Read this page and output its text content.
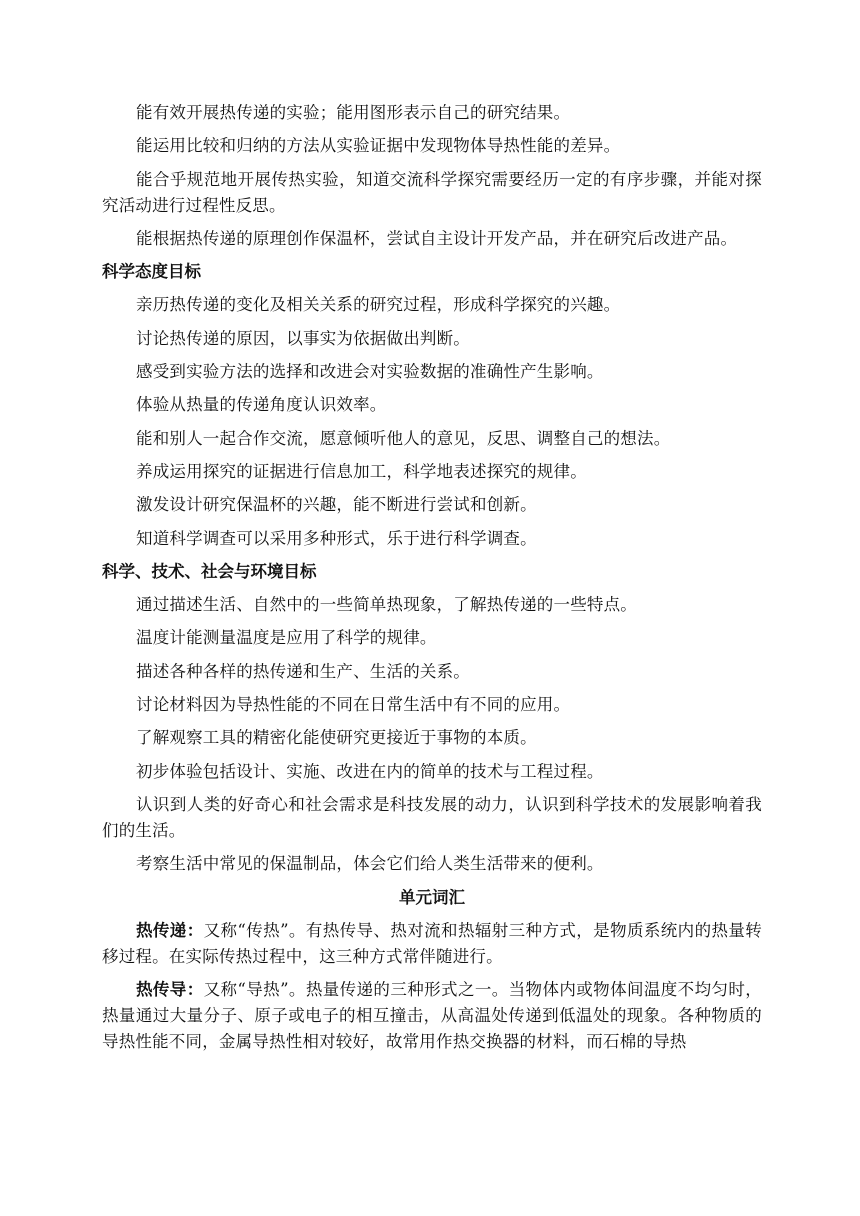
能有效开展热传递的实验；能用图形表示自己的研究结果。

能运用比较和归纳的方法从实验证据中发现物体导热性能的差异。

能合乎规范地开展传热实验，知道交流科学探究需要经历一定的有序步骤，并能对探究活动进行过程性反思。

能根据热传递的原理创作保温杯，尝试自主设计开发产品，并在研究后改进产品。

科学态度目标

亲历热传递的变化及相关关系的研究过程，形成科学探究的兴趣。

讨论热传递的原因，以事实为依据做出判断。

感受到实验方法的选择和改进会对实验数据的准确性产生影响。

体验从热量的传递角度认识效率。

能和别人一起合作交流，愿意倾听他人的意见，反思、调整自己的想法。

养成运用探究的证据进行信息加工，科学地表述探究的规律。

激发设计研究保温杯的兴趣，能不断进行尝试和创新。

知道科学调查可以采用多种形式，乐于进行科学调查。

科学、技术、社会与环境目标

通过描述生活、自然中的一些简单热现象，了解热传递的一些特点。

温度计能测量温度是应用了科学的规律。

描述各种各样的热传递和生产、生活的关系。

讨论材料因为导热性能的不同在日常生活中有不同的应用。

了解观察工具的精密化能使研究更接近于事物的本质。

初步体验包括设计、实施、改进在内的简单的技术与工程过程。

认识到人类的好奇心和社会需求是科技发展的动力，认识到科学技术的发展影响着我们的生活。

考察生活中常见的保温制品，体会它们给人类生活带来的便利。

单元词汇

热传递：又称“传热”。有热传导、热对流和热辐射三种方式，是物质系统内的热量转移过程。在实际传热过程中，这三种方式常伴随进行。

热传导：又称“导热”。热量传递的三种形式之一。当物体内或物体间温度不均匀时，热量通过大量分子、原子或电子的相互撞击，从高温处传递到低温处的现象。各种物质的导热性能不同，金属导热性相对较好，故常用作热交换器的材料，而石棉的导热
